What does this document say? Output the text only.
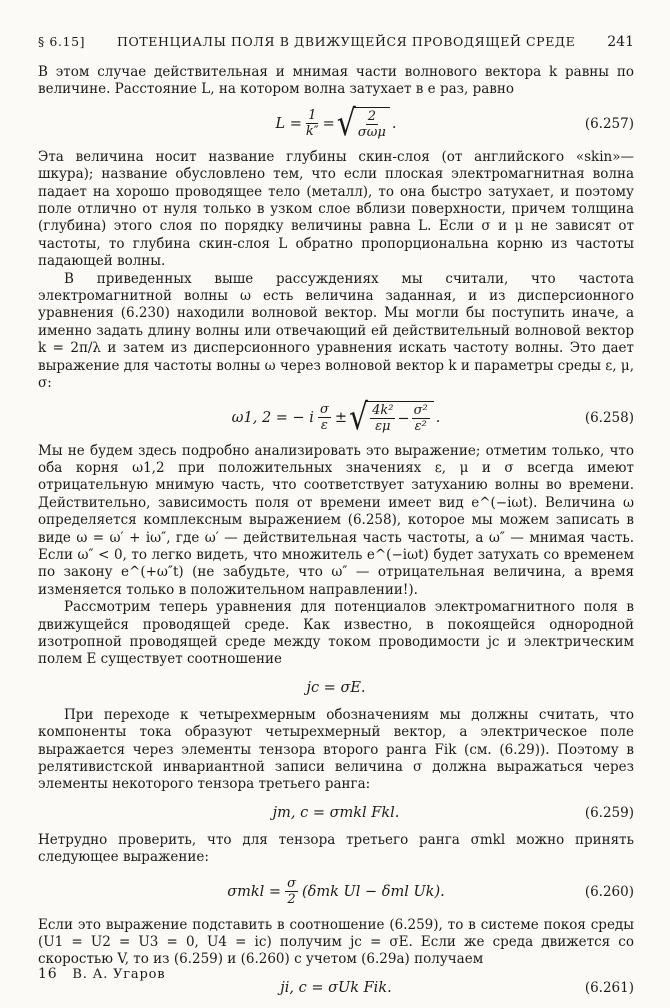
§ 6.15]	ПОТЕНЦИАЛЫ ПОЛЯ В ДВИЖУЩЕЙСЯ ПРОВОДЯЩЕЙ СРЕДЕ 241

В этом случае действительная и мнимая части волнового вектора k равны по величине. Расстояние L, на котором волна затухает в e раз, равно

$L = \frac{1}{k''}$ = √ $\frac{2}{\text{σωμ}}$ .	(6.257)

Эта величина носит название глубины скин-слоя (от английского «skin»— шкура); название обусловлено тем, что если плоская электромагнитная волна падает на хорошо проводящее тело (металл), то она быстро затухает, и поэтому поле отлично от нуля только в узком слое вблизи поверхности, причем толщина (глубина) этого слоя по порядку величины равна L. Если σ и μ не зависят от частоты, то глубина скин-слоя L обратно пропорциональна корню из частоты падающей волны.

В приведенных выше рассуждениях мы считали, что частота электромагнитной волны ω есть величина заданная, и из дисперсионного уравнения (6.230) находили волновой вектор. Мы могли бы поступить иначе, а именно задать длину волны или отвечающий ей действительный волновой вектор k = 2π/λ и затем из дисперсионного уравнения искать частоту волны. Это дает выражение для частоты волны ω через волновой вектор k и параметры среды ε, μ, σ:

ω1, 2 = − i $\frac{\sigma}{\varepsilon}$ ± √ $\frac{\text{4k²}}{\varepsilon\mu} - \frac{\text{σ²}}{\text{ε²}}$ .	(6.258)

Мы не будем здесь подробно анализировать это выражение; отметим только, что оба корня ω1,2 при положительных значениях ε, μ и σ всегда имеют отрицательную мнимую часть, что соответствует затуханию волны во времени. Действительно, зависимость поля от времени имеет вид e^(−iωt). Величина ω определяется комплексным выражением (6.258), которое мы можем записать в виде ω = ω′ + iω″, где ω′ — действительная часть частоты, а ω″ — мнимая часть. Если ω″ < 0, то легко видеть, что множитель e^(−iωt) будет затухать со временем по закону e^(+ω″t) (не забудьте, что ω″ — отрицательная величина, а время изменяется только в положительном направлении!).

Рассмотрим теперь уравнения для потенциалов электромагнитного поля в движущейся проводящей среде. Как известно, в покоящейся однородной изотропной проводящей среде между током проводимости jc и электрическим полем E существует соотношение

jc = σE.

При переходе к четырехмерным обозначениям мы должны считать, что компоненты тока образуют четырехмерный вектор, а электрическое поле выражается через элементы тензора второго ранга Fik (см. (6.29)). Поэтому в релятивистской инвариантной записи величина σ должна выражаться через элементы некоторого тензора третьего ранга:

jm, c = σmkl Fkl.	(6.259)

Нетрудно проверить, что для тензора третьего ранга σmkl можно принять следующее выражение:

$\sigma mkl = \frac{\sigma}{2} (\delta mk$ Ul − δml Uk).	(6.260)

Если это выражение подставить в соотношение (6.259), то в системе покоя среды (U1 = U2 = U3 = 0, U4 = ic) получим jc = σE. Если же среда движется со скоростью V, то из (6.259) и (6.260) с учетом (6.29а) получаем

ji, c = σUk Fik.	(6.261)
16 В. А. Угаров
